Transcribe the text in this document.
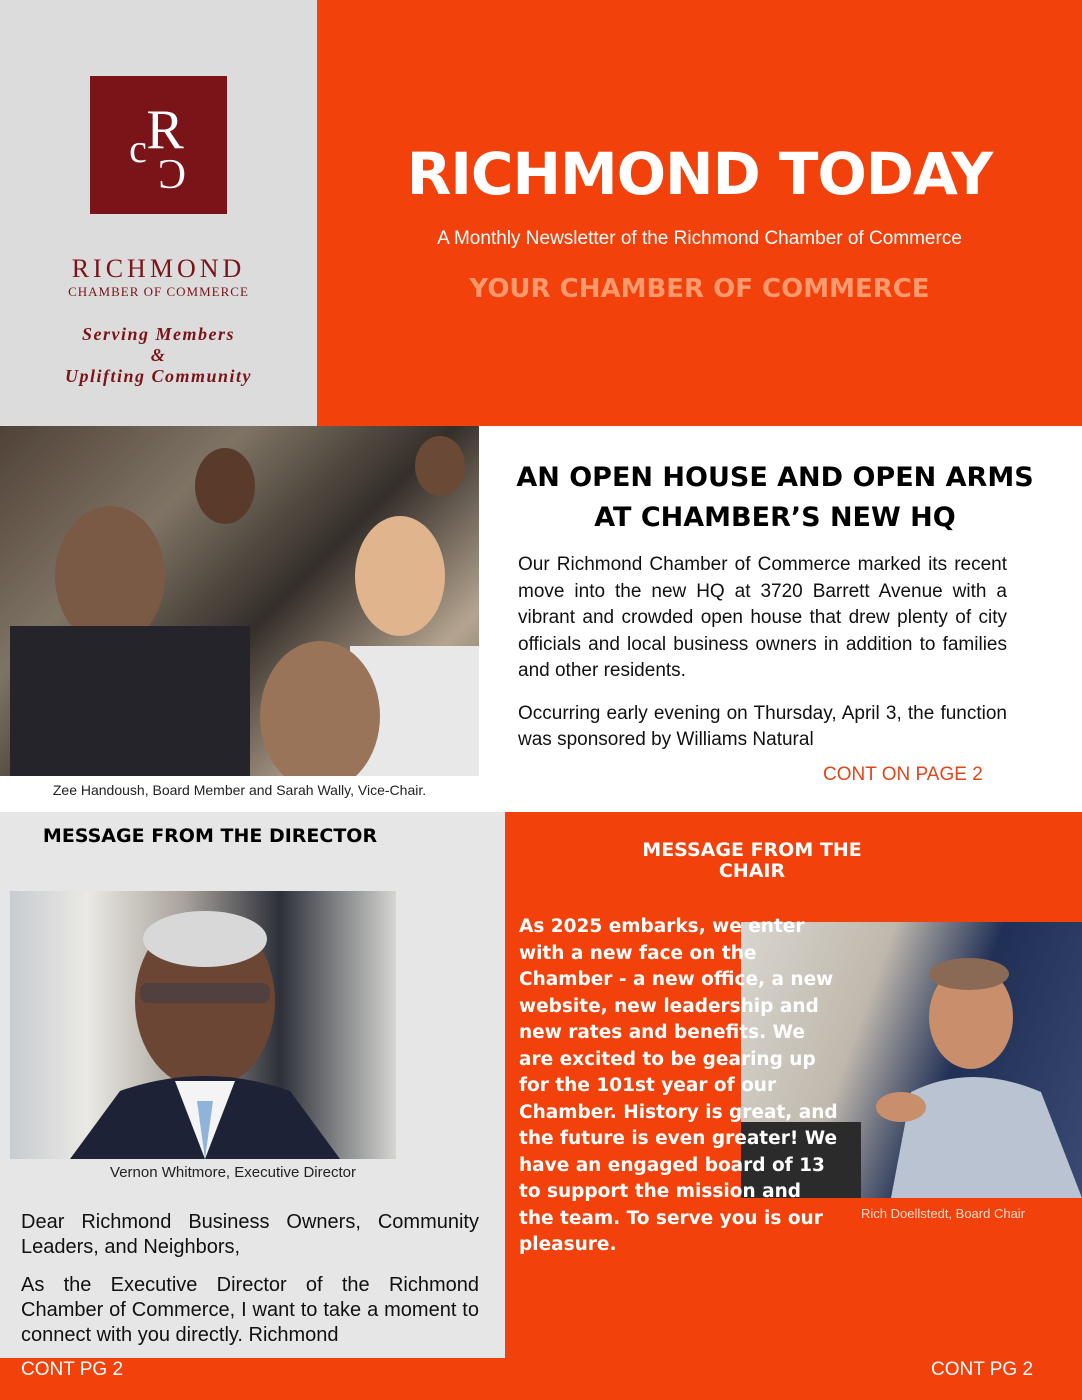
R
c
C
RICHMOND
CHAMBER OF COMMERCE
Serving Members
&
Uplifting Community
RICHMOND TODAY
A Monthly Newsletter of the Richmond Chamber of Commerce
YOUR CHAMBER OF COMMERCE
Zee Handoush, Board Member and Sarah Wally, Vice-Chair.
AN OPEN HOUSE AND OPEN ARMS AT CHAMBER’S NEW HQ

Our Richmond Chamber of Commerce marked its recent move into the new HQ at 3720 Barrett Avenue with a vibrant and crowded open house that drew plenty of city officials and local business owners in addition to families and other residents.

Occurring early evening on Thursday, April 3, the function was sponsored by Williams Natural

CONT ON PAGE 2
MESSAGE FROM THE DIRECTOR
Vernon Whitmore, Executive Director

Dear Richmond Business Owners, Community Leaders, and Neighbors,

As the Executive Director of the Richmond Chamber of Commerce, I want to take a moment to connect with you directly. Richmond

MESSAGE FROM THE CHAIR
Rich Doellstedt, Board Chair
As 2025 embarks, we enter with a new face on the Chamber - a new office, a new website, new leadership and new rates and benefits. We are excited to be gearing up for the 101st year of our Chamber. History is great, and the future is even greater! We have an engaged board of 13 to support the mission and the team. To serve you is our pleasure.
CONT PG 2	CONT PG 2
